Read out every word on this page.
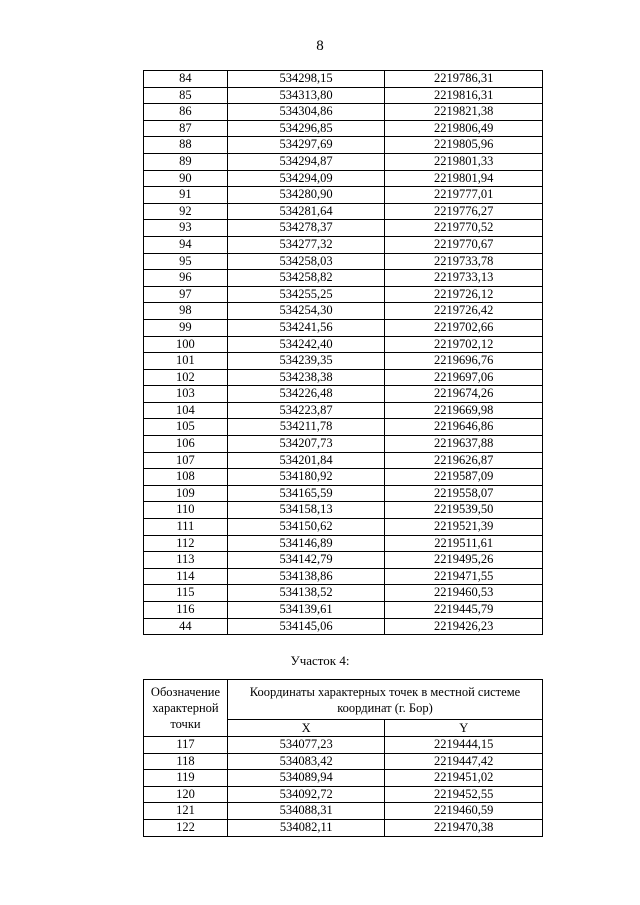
8
84	534298,15	2219786,31
85	534313,80	2219816,31
86	534304,86	2219821,38
87	534296,85	2219806,49
88	534297,69	2219805,96
89	534294,87	2219801,33
90	534294,09	2219801,94
91	534280,90	2219777,01
92	534281,64	2219776,27
93	534278,37	2219770,52
94	534277,32	2219770,67
95	534258,03	2219733,78
96	534258,82	2219733,13
97	534255,25	2219726,12
98	534254,30	2219726,42
99	534241,56	2219702,66
100	534242,40	2219702,12
101	534239,35	2219696,76
102	534238,38	2219697,06
103	534226,48	2219674,26
104	534223,87	2219669,98
105	534211,78	2219646,86
106	534207,73	2219637,88
107	534201,84	2219626,87
108	534180,92	2219587,09
109	534165,59	2219558,07
110	534158,13	2219539,50
111	534150,62	2219521,39
112	534146,89	2219511,61
113	534142,79	2219495,26
114	534138,86	2219471,55
115	534138,52	2219460,53
116	534139,61	2219445,79
44	534145,06	2219426,23
Участок 4:
Обозначение характерной точки	Координаты характерных точек в местной системе координат (г. Бор)	
	X	Y
117	534077,23	2219444,15
118	534083,42	2219447,42
119	534089,94	2219451,02
120	534092,72	2219452,55
121	534088,31	2219460,59
122	534082,11	2219470,38
